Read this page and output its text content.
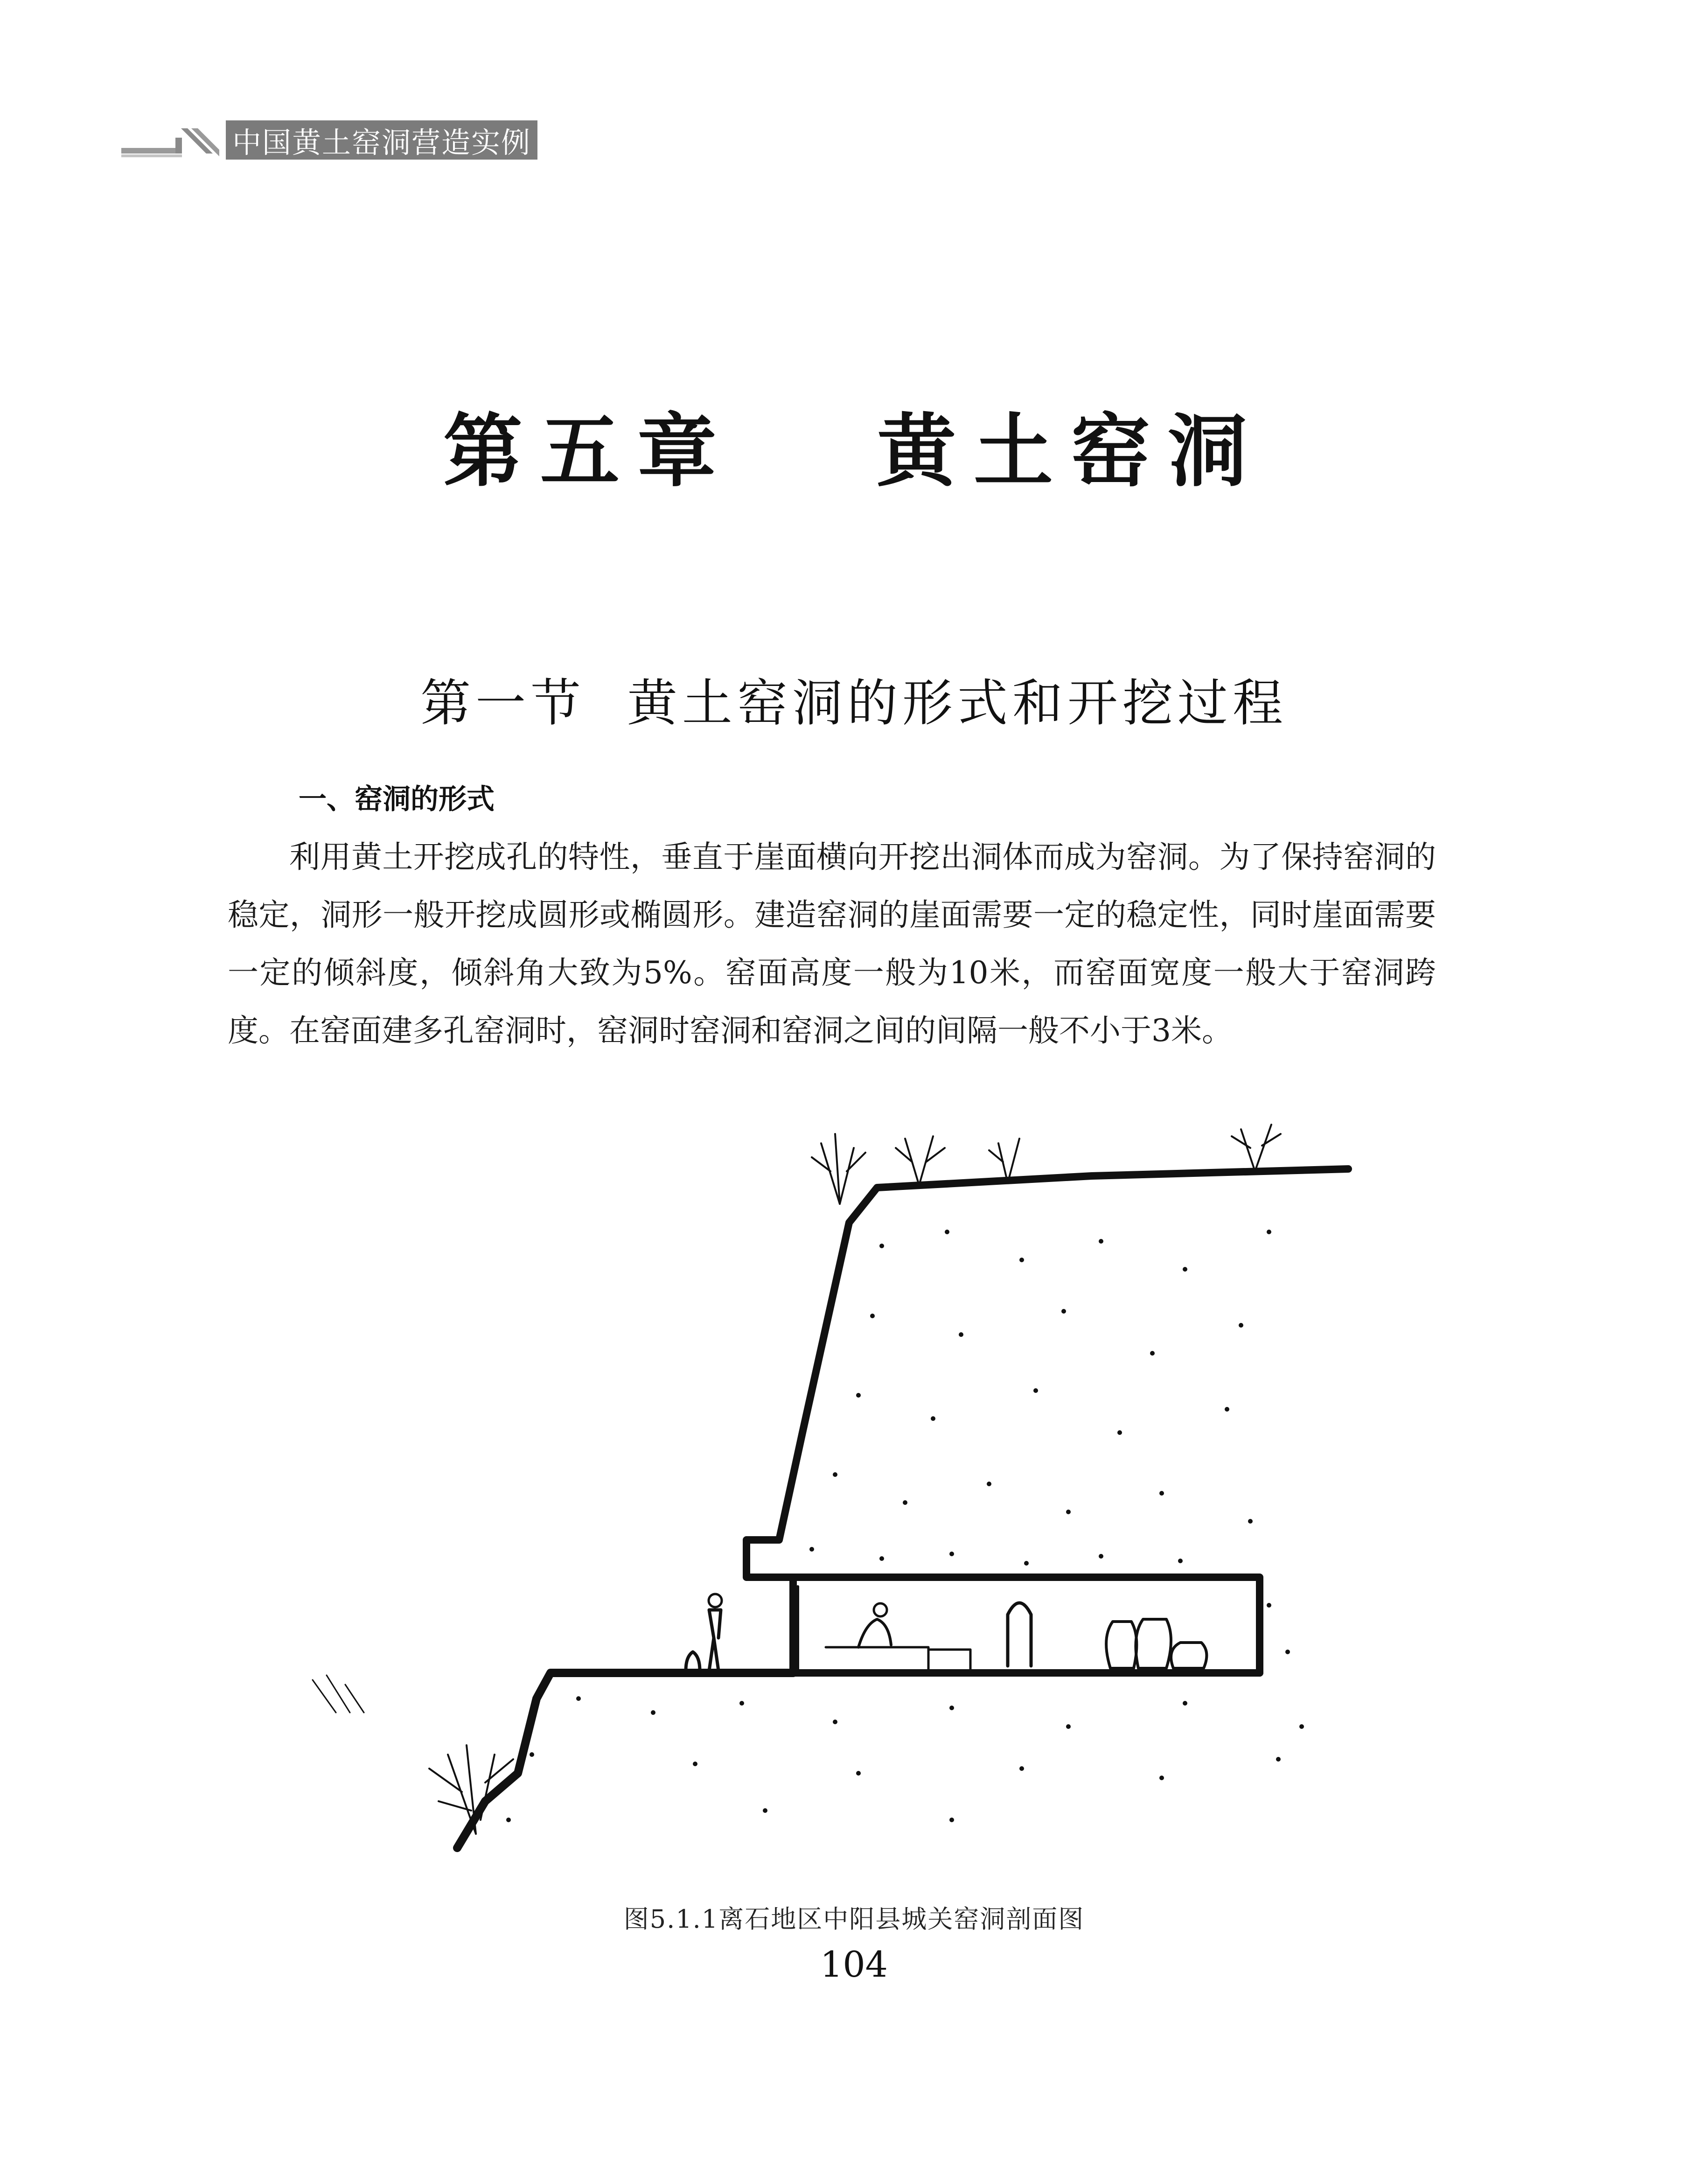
中国黄土窑洞营造实例
第五章　 黄土窑洞
第一节  黄土窑洞的形式和开挖过程
一、窑洞的形式

利用黄土开挖成孔的特性，垂直于崖面横向开挖出洞体而成为窑洞。为了保持窑洞的稳定，洞形一般开挖成圆形或椭圆形。建造窑洞的崖面需要一定的稳定性，同时崖面需要一定的倾斜度，倾斜角大致为5%。窑面高度一般为10米，而窑面宽度一般大于窑洞跨度。在窑面建多孔窑洞时，窑洞时窑洞和窑洞之间的间隔一般不小于3米。

图5.1.1离石地区中阳县城关窑洞剖面图
104
